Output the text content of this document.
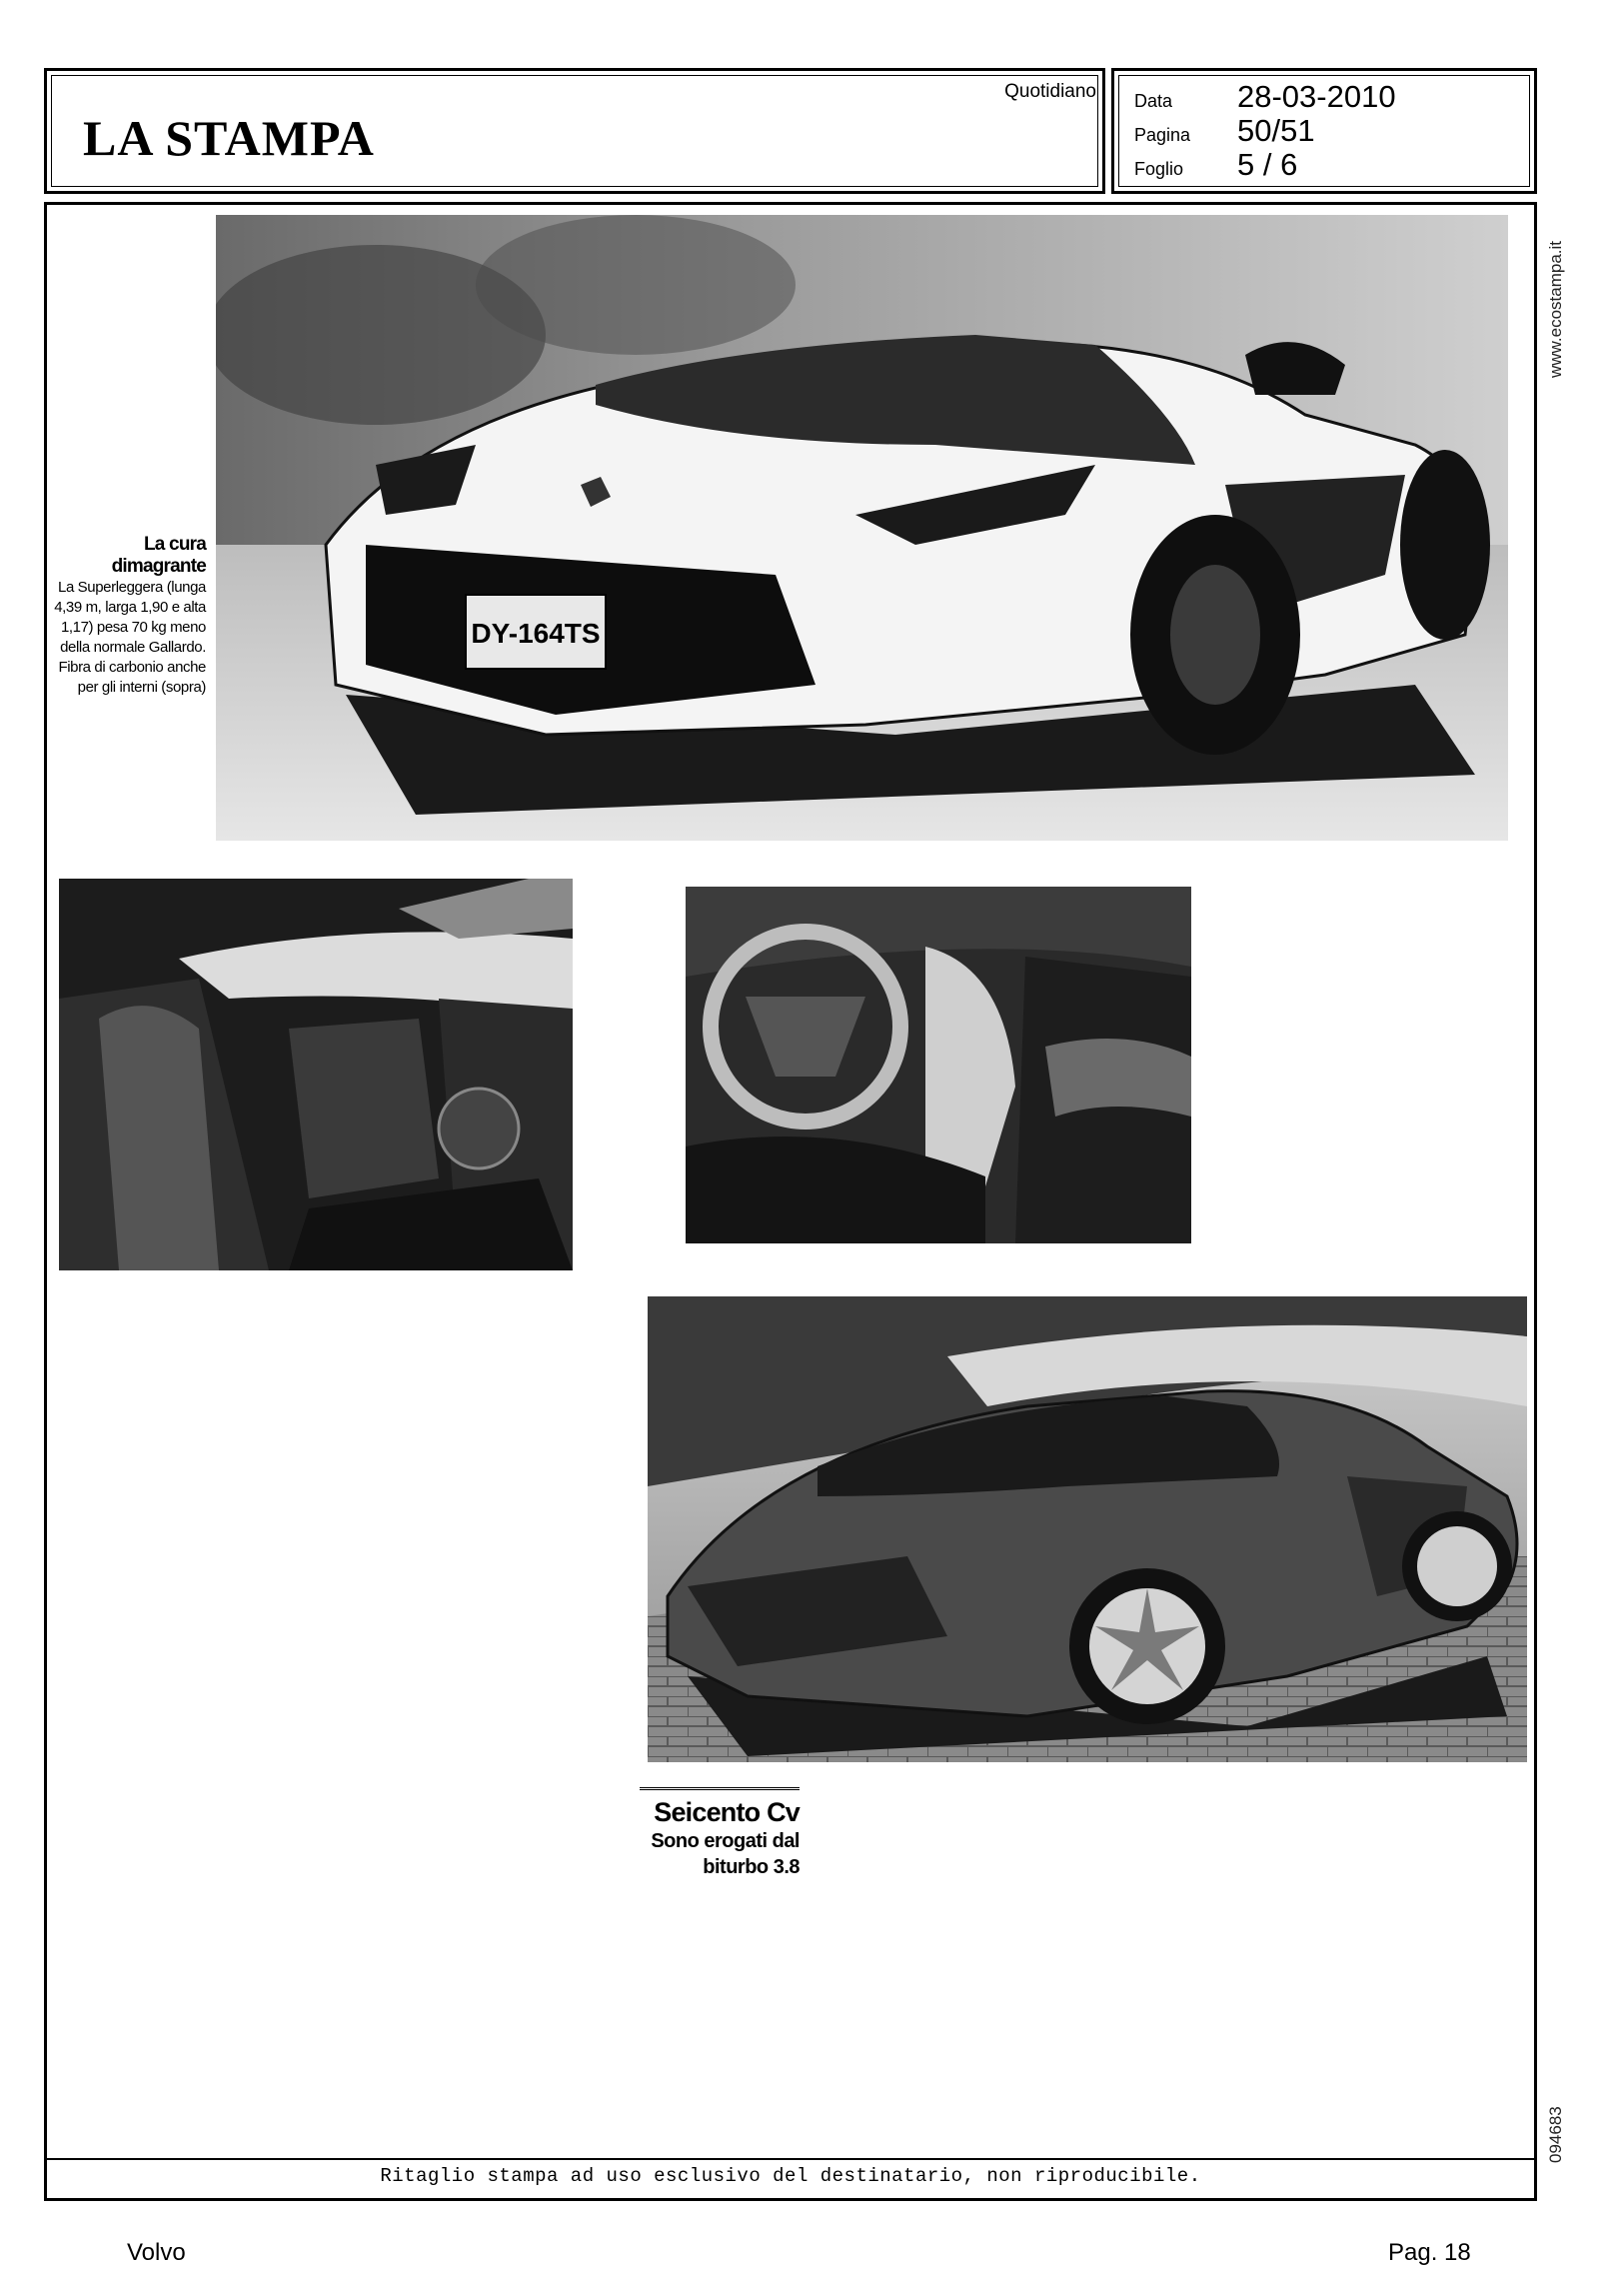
LA STAMPA
Quotidiano Data 28-03-2010
Pagina 50/51
Foglio 5 / 6
Ritaglio stampa ad uso esclusivo del destinatario, non riproducibile.
www.ecostampa.it
094683
DY-164TS
La cura dimagrante
La Superleggera (lunga 4,39 m, larga 1,90 e alta 1,17) pesa 70 kg meno della normale Gallardo. Fibra di carbonio anche per gli interni (sopra)
Seicento Cv
Sono erogati dal biturbo 3.8
Volvo	Pag. 18
